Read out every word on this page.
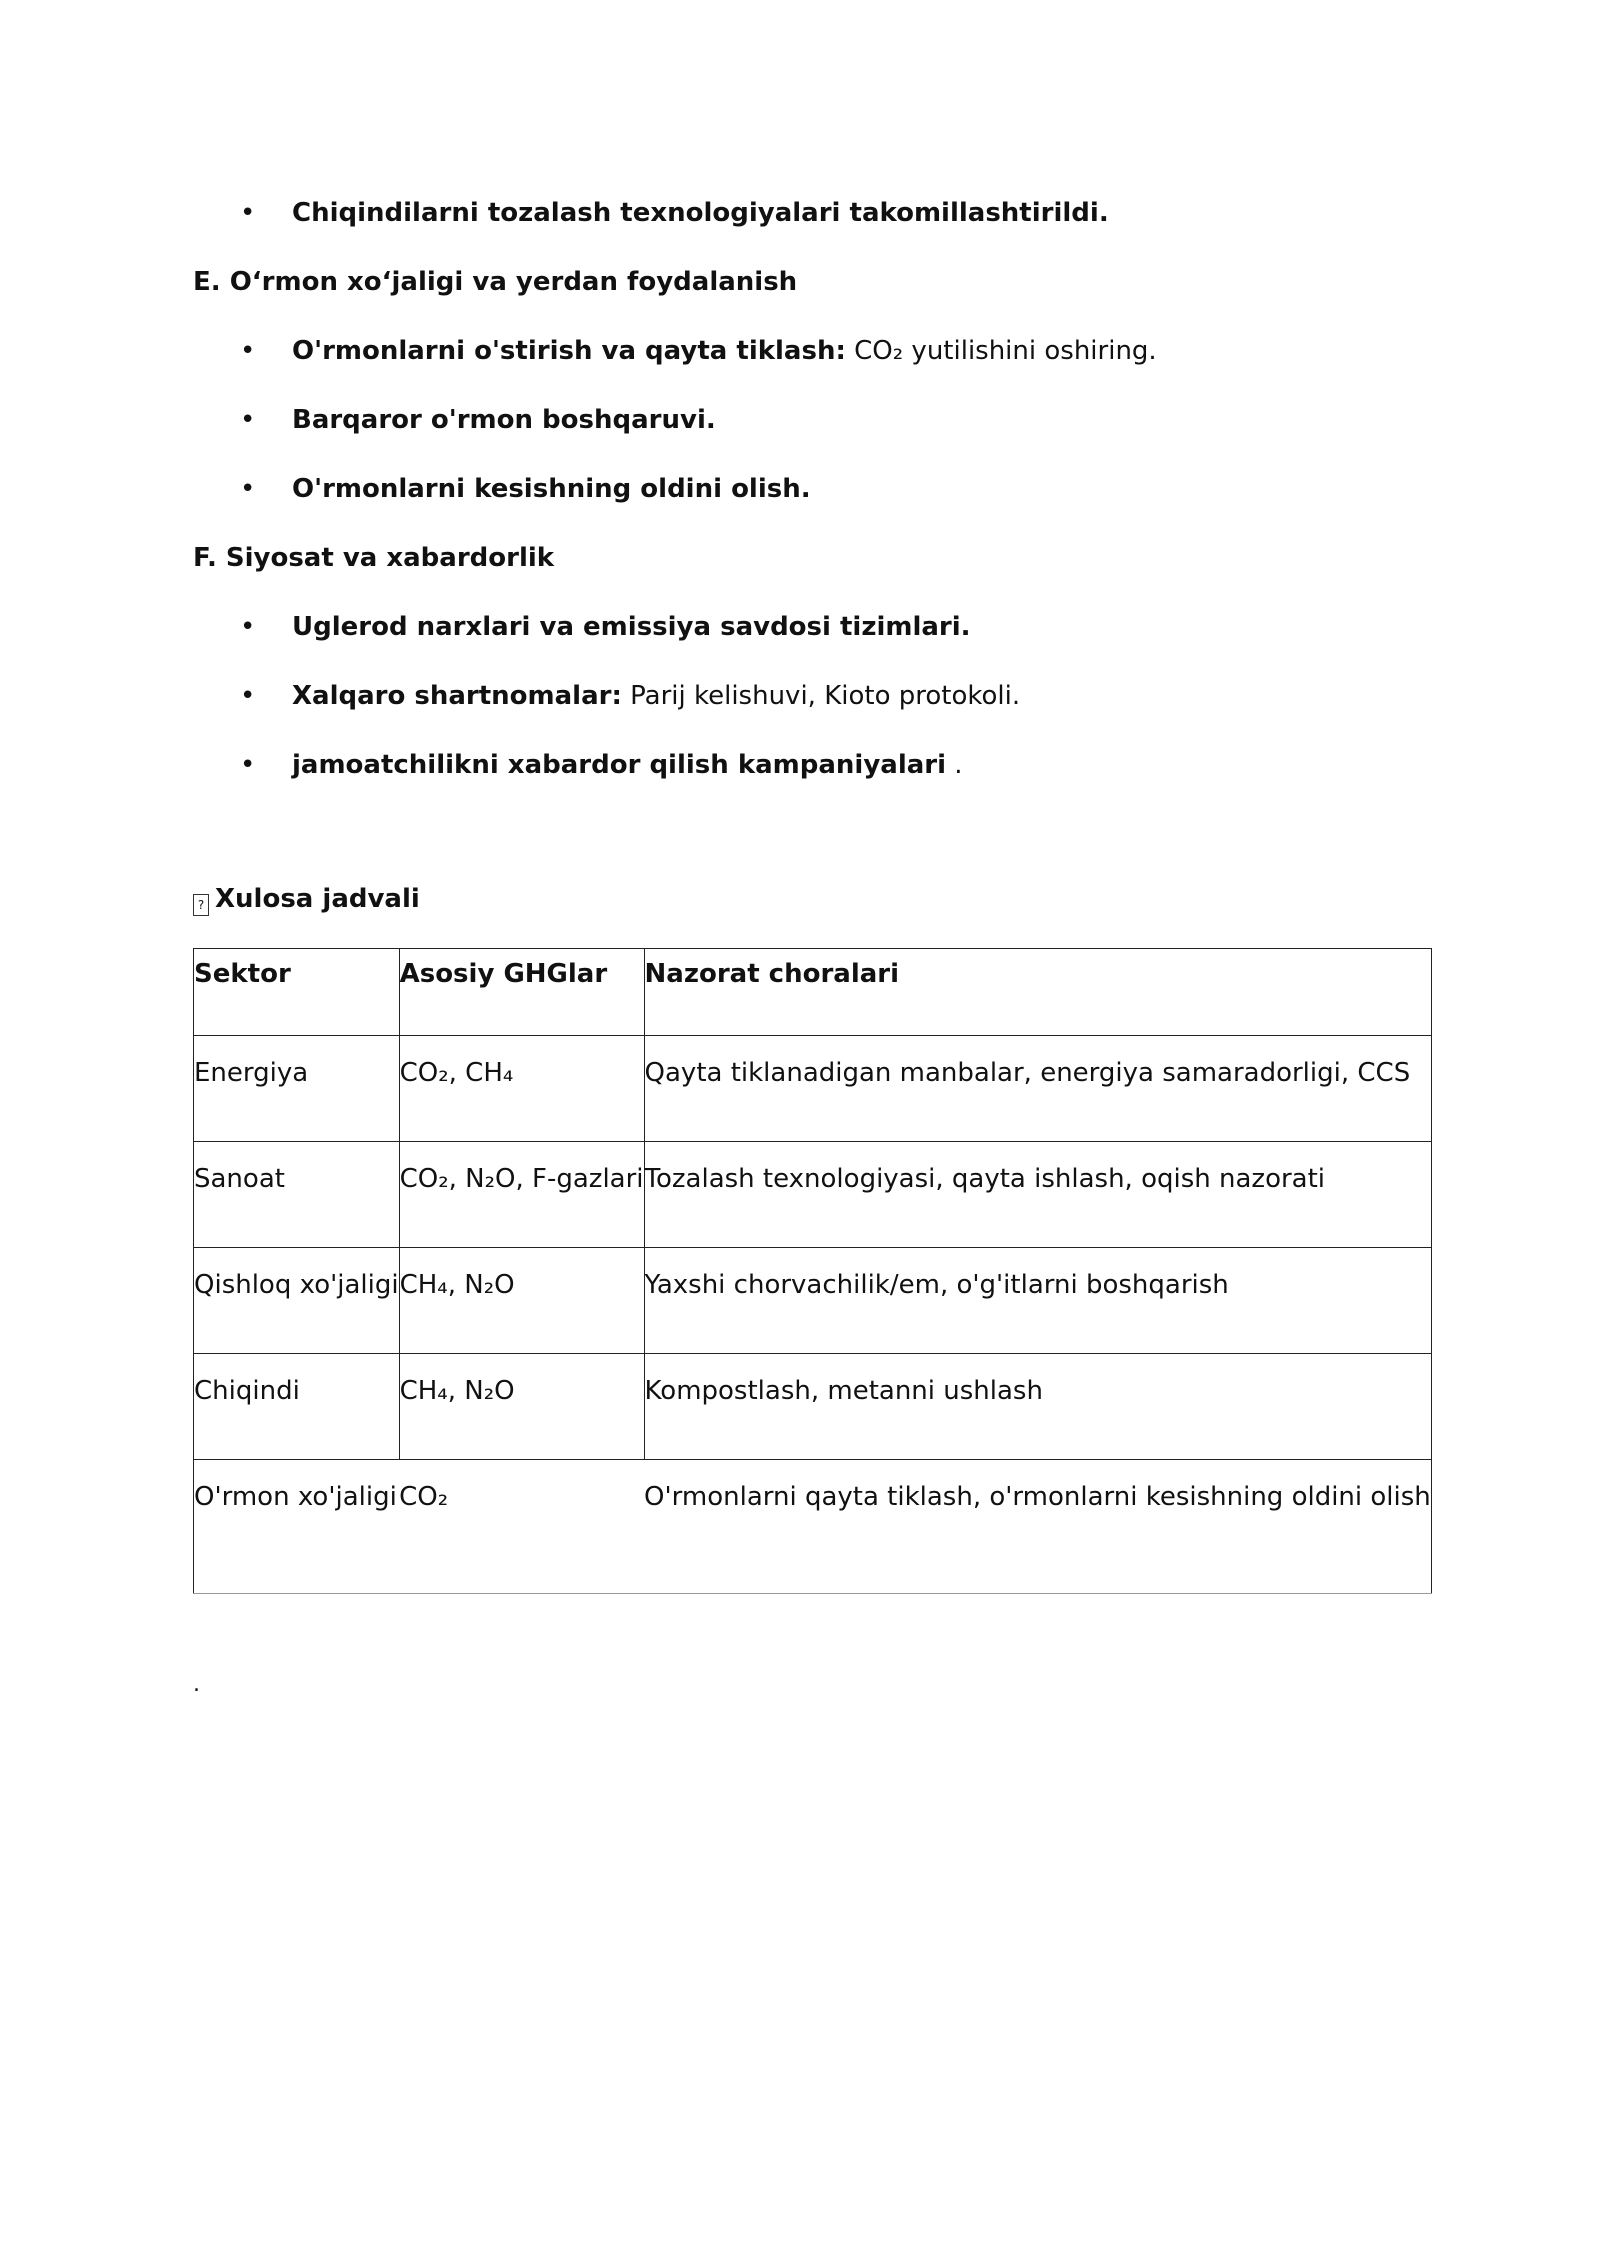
• Chiqindilarni tozalash texnologiyalari takomillashtirildi.
E. O‘rmon xo‘jaligi va yerdan foydalanish
• O'rmonlarni o'stirish va qayta tiklash: CO₂ yutilishini oshiring.
• Barqaror o'rmon boshqaruvi.
• O'rmonlarni kesishning oldini olish.
F. Siyosat va xabardorlik
• Uglerod narxlari va emissiya savdosi tizimlari.
• Xalqaro shartnomalar: Parij kelishuvi, Kioto protokoli.
• jamoatchilikni xabardor qilish kampaniyalari .
? Xulosa jadvali
Sektor	Asosiy GHGlar	Nazorat choralari

Energiya	CO₂, CH₄	Qayta tiklanadigan manbalar, energiya samaradorligi, CCS

Sanoat	CO₂, N₂O, F-gazlari	Tozalash texnologiyasi, qayta ishlash, oqish nazorati

Qishloq xo'jaligi	CH₄, N₂O	Yaxshi chorvachilik/em, o'g'itlarni boshqarish

Chiqindi	CH₄, N₂O	Kompostlash, metanni ushlash

O'rmon xo'jaligi	CO₂	O'rmonlarni qayta tiklash, o'rmonlarni kesishning oldini olish
.
